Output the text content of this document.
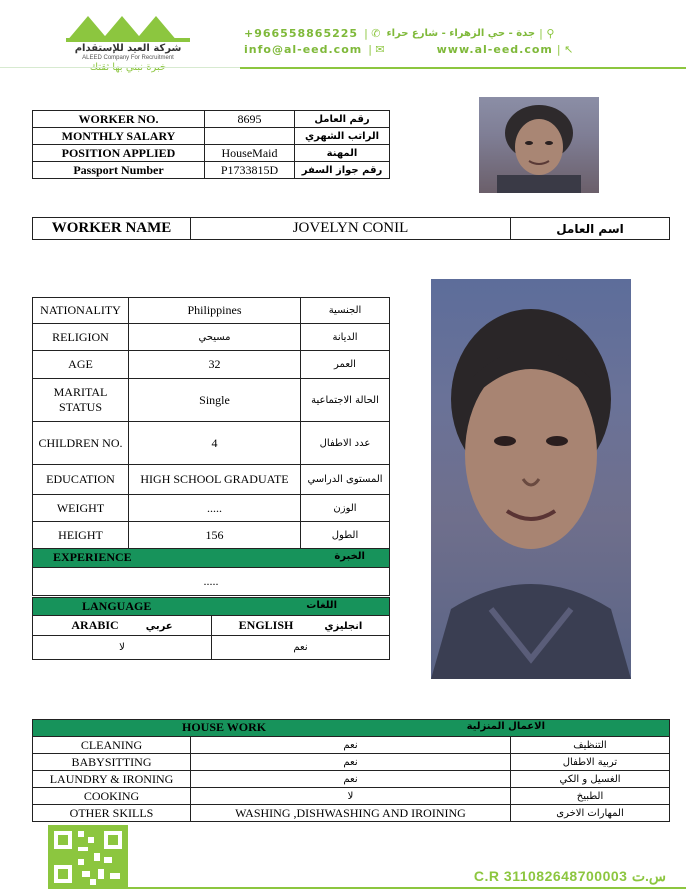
شركة العيد للإستقدام
ALEED Company For Recruitment
+966558865225 | ✆ جدة - حي الزهراء - شارع حراء | ⚲
info@al-eed.com | ✉	www.al-eed.com | ↖
WORKER NO.	8695	رقم العامل
MONTHLY SALARY		الراتب الشهري
POSITION APPLIED	HouseMaid	المهنة
Passport Number	P1733815D	رقم جواز السفر
WORKER NAME	JOVELYN CONIL	اسم العامل
NATIONALITY	Philippines	الجنسية
RELIGION	مسيحي	الديانة
AGE	32	العمر
MARITAL STATUS	Single	الحالة الاجتماعية
CHILDREN NO.	4	عدد الاطفال
EDUCATION	HIGH SCHOOL GRADUATE	المستوى الدراسي
WEIGHT	.....	الوزن
HEIGHT	156	الطول
EXPERIENCE	الخبرة
.....
LANGUAGE	اللغات
ARABIC عربي	ENGLISH انجليزي
لا	نعم
HOUSE WORK	الاعمال المنزلية
CLEANING	نعم	التنظيف
BABYSITTING	نعم	تربية الاطفال
LAUNDRY & IRONING	نعم	الغسيل و الكي
COOKING	لا	الطبيخ
OTHER SKILLS	WASHING ,DISHWASHING AND IROINING	المهارات الاخرى
C.R 311082648700003 س.ت
